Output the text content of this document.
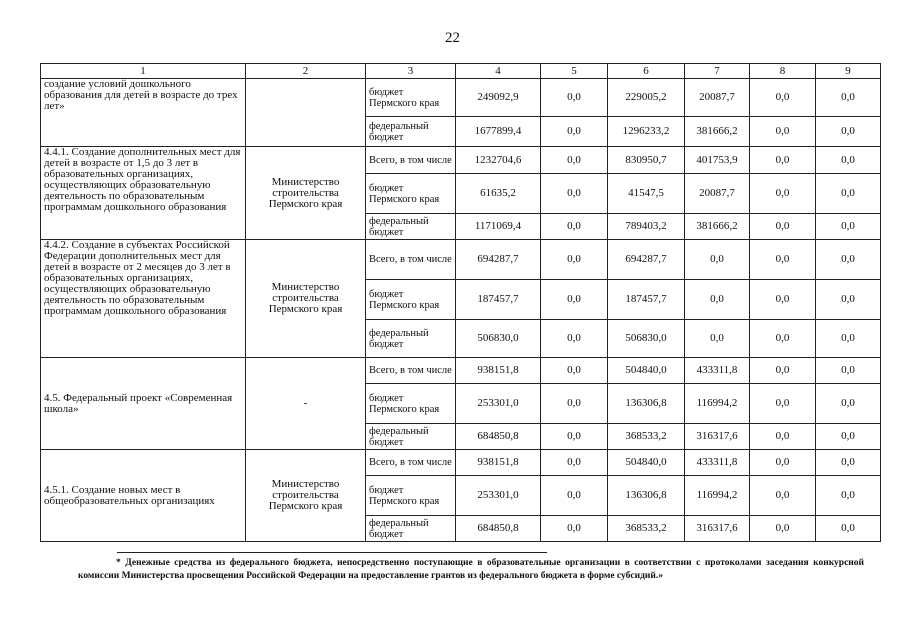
22
1	2	3	4	5	6	7	8	9
создание условий дошкольного образования для детей в возрасте до трех лет»		бюджет Пермского края	249092,9	0,0	229005,2	20087,7	0,0	0,0
		федеральный бюджет	1677899,4	0,0	1296233,2	381666,2	0,0	0,0
4.4.1. Создание дополнительных мест для детей в возрасте от 1,5 до 3 лет в образовательных организациях, осуществляющих образовательную деятельность по образовательным программам дошкольного образования	Министерство строительства Пермского края	Всего, в том числе	1232704,6	0,0	830950,7	401753,9	0,0	0,0
		бюджет Пермского края	61635,2	0,0	41547,5	20087,7	0,0	0,0
		федеральный бюджет	1171069,4	0,0	789403,2	381666,2	0,0	0,0
4.4.2. Создание в субъектах Российской Федерации дополнительных мест для детей в возрасте от 2 месяцев до 3 лет в образовательных организациях, осуществляющих образовательную деятельность по образовательным программам дошкольного образования	Министерство строительства Пермского края	Всего, в том числе	694287,7	0,0	694287,7	0,0	0,0	0,0
		бюджет Пермского края	187457,7	0,0	187457,7	0,0	0,0	0,0
		федеральный бюджет	506830,0	0,0	506830,0	0,0	0,0	0,0
4.5. Федеральный проект «Современная школа»	-	Всего, в том числе	938151,8	0,0	504840,0	433311,8	0,0	0,0
		бюджет Пермского края	253301,0	0,0	136306,8	116994,2	0,0	0,0
		федеральный бюджет	684850,8	0,0	368533,2	316317,6	0,0	0,0
4.5.1. Создание новых мест в общеобразовательных организациях	Министерство строительства Пермского края	Всего, в том числе	938151,8	0,0	504840,0	433311,8	0,0	0,0
		бюджет Пермского края	253301,0	0,0	136306,8	116994,2	0,0	0,0
		федеральный бюджет	684850,8	0,0	368533,2	316317,6	0,0	0,0
* Денежные средства из федерального бюджета, непосредственно поступающие в образовательные организации в соответствии с протоколами заседания конкурсной комиссии Министерства просвещения Российской Федерации на предоставление грантов из федерального бюджета в форме субсидий.»
